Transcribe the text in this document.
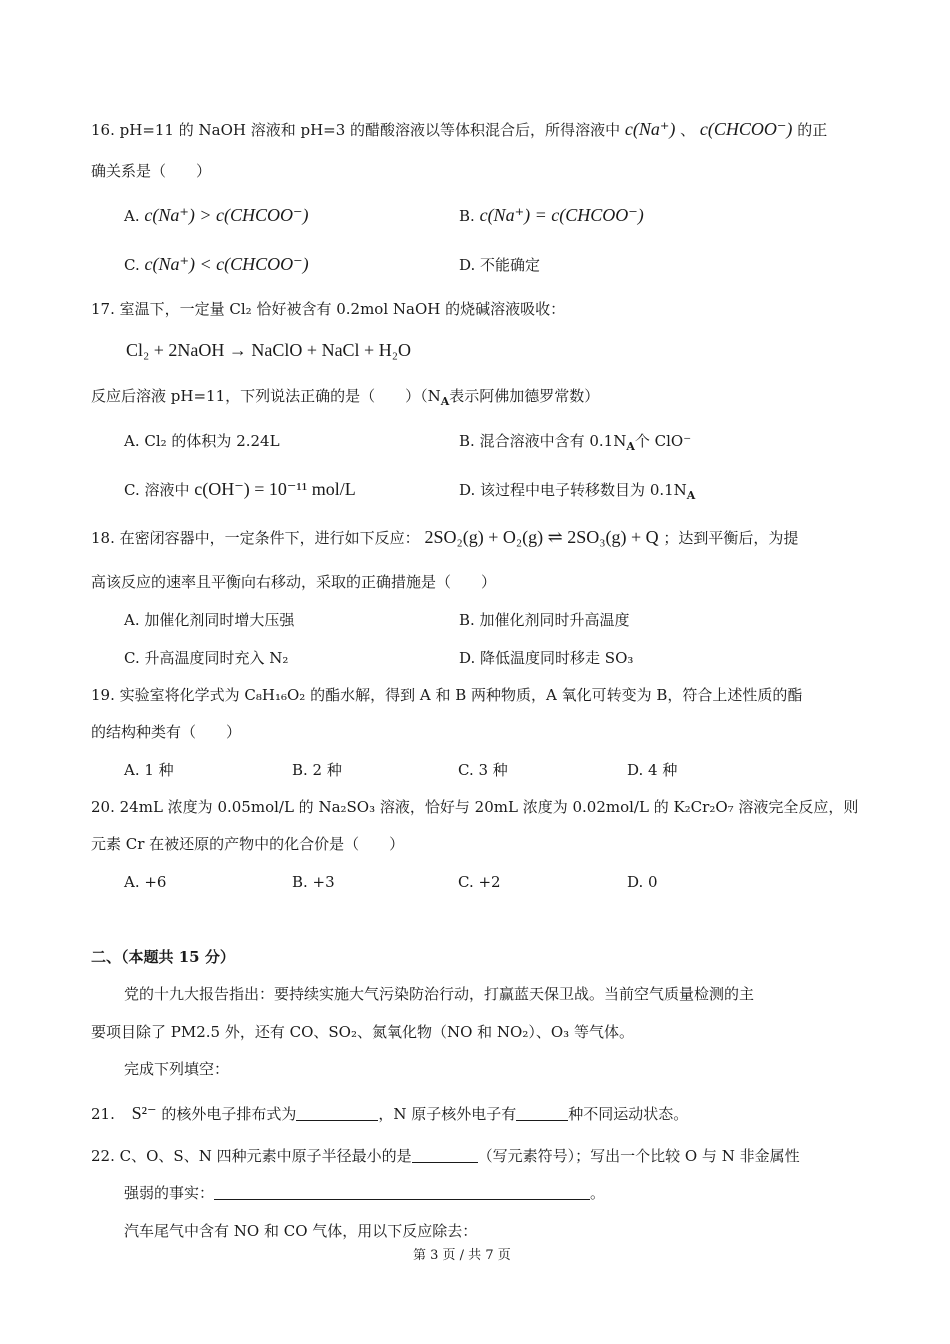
16. pH=11 的 NaOH 溶液和 pH=3 的醋酸溶液以等体积混合后，所得溶液中 c(Na⁺) 、 c(CHCOO⁻) 的正
确关系是（　　）
A. c(Na⁺) > c(CHCOO⁻)	B. c(Na⁺) = c(CHCOO⁻)
C. c(Na⁺) < c(CHCOO⁻)	D. 不能确定
17. 室温下，一定量 Cl₂ 恰好被含有 0.2mol NaOH 的烧碱溶液吸收：
Cl₂ + 2NaOH → NaClO + NaCl + H₂O
反应后溶液 pH=11，下列说法正确的是（　　）（$N_A$表示阿佛加德罗常数）
A. Cl₂ 的体积为 2.24L	B. 混合溶液中含有 $0.1N_A$个 ClO⁻
C. 溶液中 c(OH⁻) = 10⁻¹¹ mol/L	D. 该过程中电子转移数目为 $0.1N_A$
18. 在密闭容器中，一定条件下，进行如下反应： 2SO₂(g) + O₂(g) ⇌ 2SO₃(g) + Q ；达到平衡后，为提
高该反应的速率且平衡向右移动，采取的正确措施是（　　）
A. 加催化剂同时增大压强	B. 加催化剂同时升高温度
C. 升高温度同时充入 N₂	D. 降低温度同时移走 SO₃
19. 实验室将化学式为 C₈H₁₆O₂ 的酯水解，得到 A 和 B 两种物质，A 氧化可转变为 B，符合上述性质的酯
的结构种类有（　　）
A. 1 种	B. 2 种	C. 3 种	D. 4 种
20. 24mL 浓度为 0.05mol/L 的 Na₂SO₃ 溶液，恰好与 20mL 浓度为 0.02mol/L 的 K₂Cr₂O₇ 溶液完全反应，则
元素 Cr 在被还原的产物中的化合价是（　　）
A. +6	B. +3	C. +2	D. 0
二、（本题共 15 分）
党的十九大报告指出：要持续实施大气污染防治行动，打赢蓝天保卫战。当前空气质量检测的主
要项目除了 PM2.5 外，还有 CO、SO₂、氮氧化物（NO 和 NO₂）、O₃ 等气体。
完成下列填空：
21. S²⁻ 的核外电子排布式为	，N 原子核外电子有	种不同运动状态。
22. C、O、S、N 四种元素中原子半径最小的是	（写元素符号）；写出一个比较 O 与 N 非金属性
强弱的事实：	。
汽车尾气中含有 NO 和 CO 气体，用以下反应除去：
第 3 页 / 共 7 页
